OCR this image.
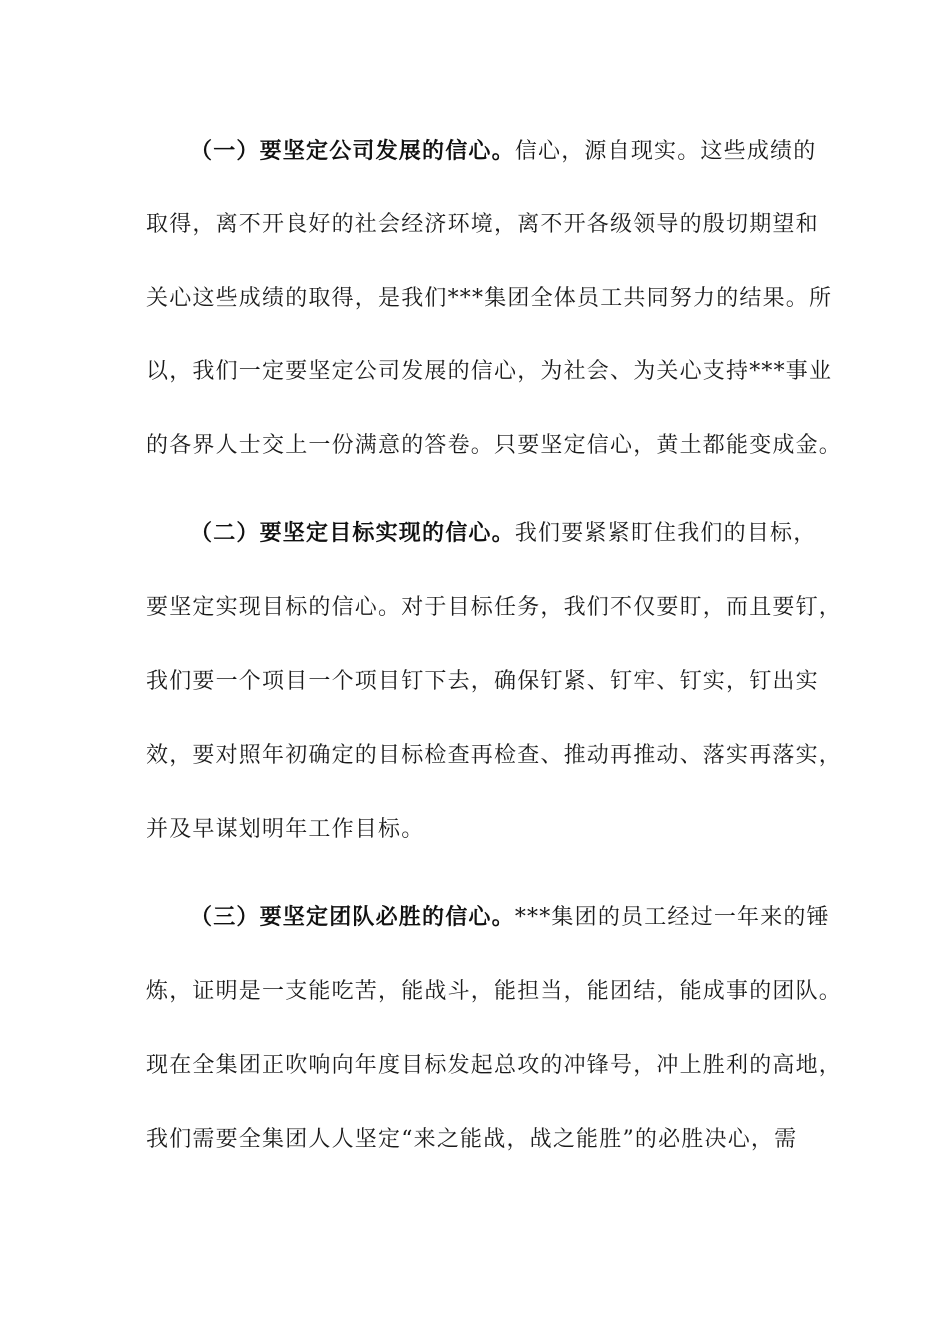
（一）要坚定公司发展的信心。信心，源自现实。这些成绩的
取得，离不开良好的社会经济环境，离不开各级领导的殷切期望和
关心这些成绩的取得，是我们***集团全体员工共同努力的结果。所
以，我们一定要坚定公司发展的信心，为社会、为关心支持***事业
的各界人士交上一份满意的答卷。只要坚定信心，黄土都能变成金。
（二）要坚定目标实现的信心。我们要紧紧盯住我们的目标，
要坚定实现目标的信心。对于目标任务，我们不仅要盯，而且要钉，
我们要一个项目一个项目钉下去，确保钉紧、钉牢、钉实，钉出实
效，要对照年初确定的目标检查再检查、推动再推动、落实再落实，
并及早谋划明年工作目标。
（三）要坚定团队必胜的信心。***集团的员工经过一年来的锤
炼，证明是一支能吃苦，能战斗，能担当，能团结，能成事的团队。
现在全集团正吹响向年度目标发起总攻的冲锋号，冲上胜利的高地，
我们需要全集团人人坚定“来之能战，战之能胜”的必胜决心，需
